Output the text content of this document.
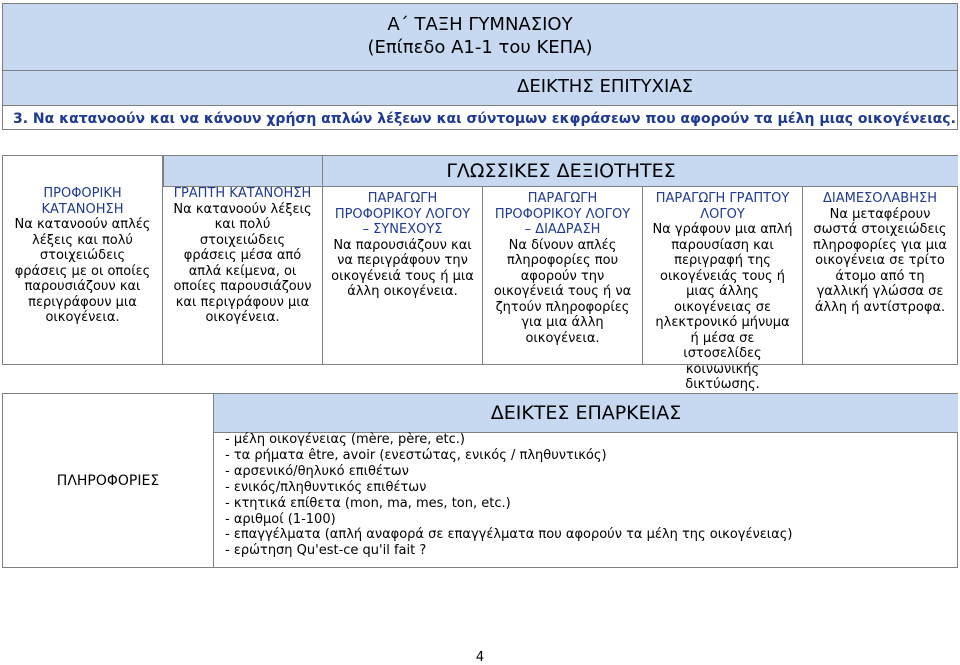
Α΄ ΤΑΞΗ ΓΥΜΝΑΣΙΟΥ
(Επίπεδο Α1-1 του ΚΕΠΑ)
ΔΕΙΚΤΗΣ ΕΠΙΤΥΧΙΑΣ
3. Να κατανοούν και να κάνουν χρήση απλών λέξεων και σύντομων εκφράσεων που αφορούν τα μέλη μιας οικογένειας.
ΓΛΩΣΣΙΚΕΣ ΔΕΞΙΟΤΗΤΕΣ
ΠΡΟΦΟΡΙΚΗ ΚΑΤΑΝΟΗΣΗ
Να κατανοούν απλές λέξεις και πολύ στοιχειώδεις φράσεις με οι οποίες παρουσιάζουν και περιγράφουν μια οικογένεια.
ΓΡΑΠΤΗ ΚΑΤΑΝΟΗΣΗ
Να κατανοούν λέξεις και πολύ στοιχειώδεις φράσεις μέσα από απλά κείμενα, οι οποίες παρουσιάζουν και περιγράφουν μια οικογένεια.
ΠΑΡΑΓΩΓΗ ΠΡΟΦΟΡΙΚΟΥ ΛΟΓΟΥ – ΣΥΝΕΧΟΥΣ
Να παρουσιάζουν και να περιγράφουν την οικογένειά τους ή μια άλλη οικογένεια.
ΠΑΡΑΓΩΓΗ ΠΡΟΦΟΡΙΚΟΥ ΛΟΓΟΥ – ΔΙΑΔΡΑΣΗ
Να δίνουν απλές πληροφορίες που αφορούν την οικογένειά τους ή να ζητούν πληροφορίες για μια άλλη οικογένεια.
ΠΑΡΑΓΩΓΗ ΓΡΑΠΤΟΥ ΛΟΓΟΥ
Να γράφουν μια απλή παρουσίαση και περιγραφή της οικογένειάς τους ή μιας άλλης οικογένειας σε ηλεκτρονικό μήνυμα ή μέσα σε ιστοσελίδες κοινωνικής δικτύωσης.
ΔΙΑΜΕΣΟΛΑΒΗΣΗ
Να μεταφέρουν σωστά στοιχειώδεις πληροφορίες για μια οικογένεια σε τρίτο άτομο από τη γαλλική γλώσσα σε άλλη ή αντίστροφα.
ΔΕΙΚΤΕΣ ΕΠΑΡΚΕΙΑΣ
ΠΛΗΡΟΦΟΡΙΕΣ
- μέλη οικογένειας (mère, père, etc.)
- τα ρήματα être, avoir (ενεστώτας, ενικός / πληθυντικός)
- αρσενικό/θηλυκό επιθέτων
- ενικός/πληθυντικός επιθέτων
- κτητικά επίθετα (mon, ma, mes, ton, etc.)
- αριθμοί (1-100)
- επαγγέλματα (απλή αναφορά σε επαγγέλματα που αφορούν τα μέλη της οικογένειας)
- ερώτηση Qu'est-ce qu'il fait ?
4
